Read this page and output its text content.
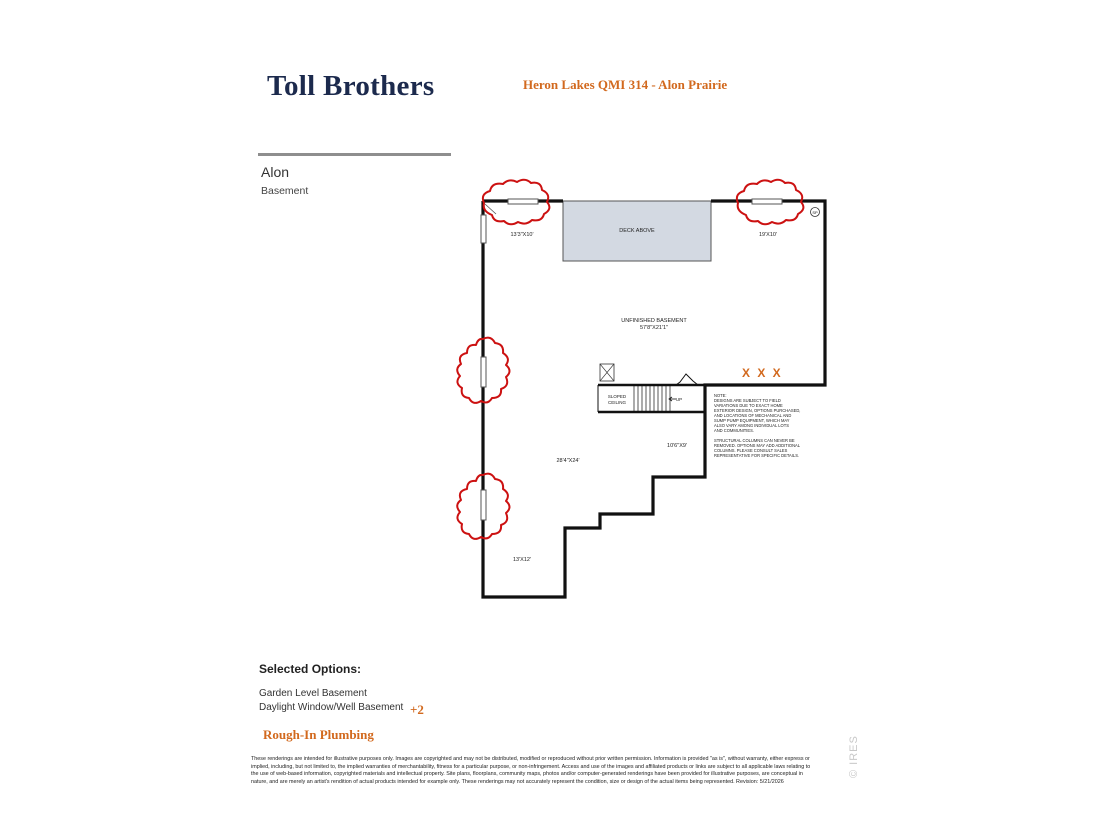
Toll Brothers	Heron Lakes QMI 314 - Alon Prairie
Alon
Basement
SP
DECK ABOVE
13'3"X10'	19'X10'
UNFINISHED BASEMENT
57'8"X21'1"
28'4"X24'
10'6"X9'
13'X12'
SLOPED
CEILING
UP
NOTE:
DESIGNS ARE SUBJECT TO FIELD
VARIATIONS DUE TO EXACT HOME
EXTERIOR DESIGN, OPTIONS PURCHASED,
AND LOCATIONS OF MECHANICAL AND
SUMP PUMP EQUIPMENT, WHICH MAY
ALSO VARY AMONG INDIVIDUAL LOTS
AND COMMUNITIES.
STRUCTURAL COLUMNS CAN NEVER BE
REMOVED. OPTIONS MAY ADD ADDITIONAL
COLUMNS. PLEASE CONSULT SALES
REPRESENTATIVE FOR SPECIFIC DETAILS.
X X X
Selected Options:
Garden Level Basement
Daylight Window/Well Basement +2
Rough-In Plumbing
These renderings are intended for illustrative purposes only. Images are copyrighted and may not be distributed, modified or reproduced without prior written permission. Information is provided "as is", without warranty, either express or implied, including, but not limited to, the implied warranties of merchantability, fitness for a particular purpose, or non-infringement. Access and use of the images and affiliated products or links are subject to all applicable laws relating to the use of web-based information, copyrighted materials and intellectual property. Site plans, floorplans, community maps, photos and/or computer-generated renderings have been provided for illustrative purposes, are conceptual in nature, and are merely an artist's rendition of actual products intended for example only. These renderings may not accurately represent the condition, size or design of the actual items being represented. Revision: 5/21/2026
© IRES
